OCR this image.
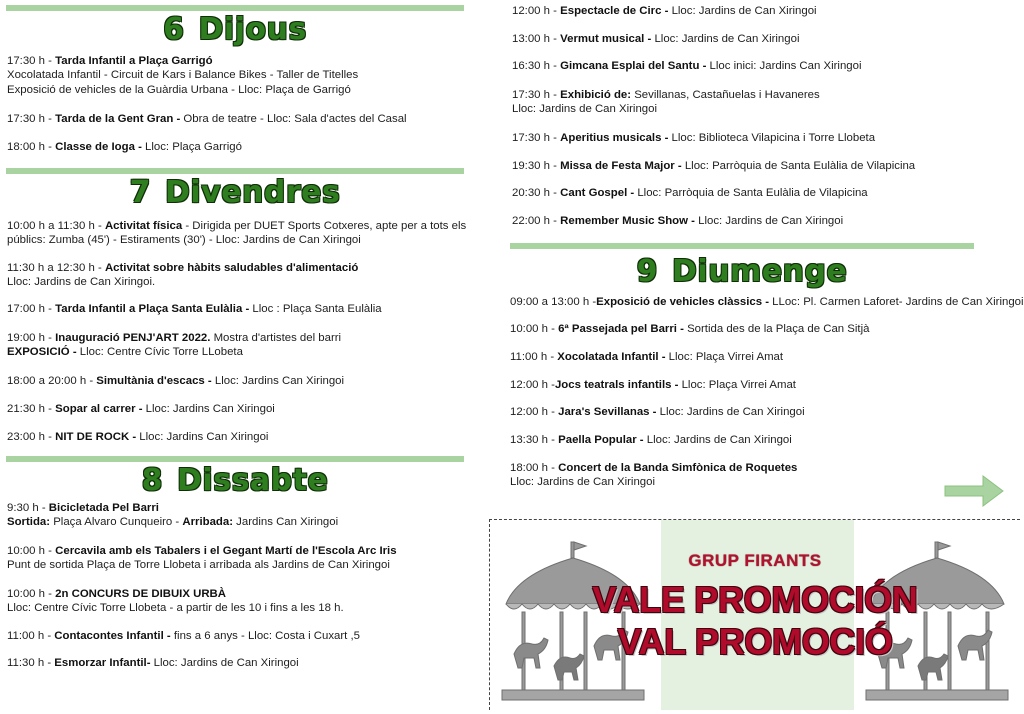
6 Dijous
17:30 h - Tarda Infantil a Plaça Garrigó
Xocolatada Infantil - Circuit de Kars i Balance Bikes - Taller de Titelles
Exposició de vehicles de la Guàrdia Urbana - Lloc: Plaça de Garrigó
17:30 h - Tarda de la Gent Gran - Obra de teatre - Lloc: Sala d'actes del Casal
18:00 h - Classe de Ioga - Lloc: Plaça Garrigó
7 Divendres
10:00 h a 11:30 h - Activitat física - Dirigida per DUET Sports Cotxeres, apte per a tots els
públics: Zumba (45') - Estiraments (30') - Lloc: Jardins de Can Xiringoi
11:30 h a 12:30 h - Activitat sobre hàbits saludables d'alimentació
Lloc: Jardins de Can Xiringoi.
17:00 h - Tarda Infantil a Plaça Santa Eulàlia - Lloc : Plaça Santa Eulàlia
19:00 h - Inauguració PENJ'ART 2022. Mostra d'artistes del barri
EXPOSICIÓ - Lloc: Centre Cívic Torre LLobeta
18:00 a 20:00 h - Simultània d'escacs - Lloc: Jardins Can Xiringoi
21:30 h - Sopar al carrer - Lloc: Jardins Can Xiringoi
23:00 h - NIT DE ROCK - Lloc: Jardins Can Xiringoi
8 Dissabte
9:30 h - Bicicletada Pel Barri
Sortida: Plaça Alvaro Cunqueiro - Arribada: Jardins Can Xiringoi
10:00 h - Cercavila amb els Tabalers i el Gegant Martí de l'Escola Arc Iris
Punt de sortida Plaça de Torre Llobeta i arribada als Jardins de Can Xiringoi
10:00 h - 2n CONCURS DE DIBUIX URBÀ
Lloc: Centre Cívic Torre Llobeta - a partir de les 10 i fins a les 18 h.
11:00 h - Contacontes Infantil - fins a 6 anys - Lloc: Costa i Cuxart ,5
11:30 h - Esmorzar Infantil- Lloc: Jardins de Can Xiringoi
12:00 h - Espectacle de Circ - Lloc: Jardins de Can Xiringoi
13:00 h - Vermut musical - Lloc: Jardins de Can Xiringoi
16:30 h - Gimcana Esplai del Santu - Lloc inici: Jardins Can Xiringoi
17:30 h - Exhibició de: Sevillanas, Castañuelas i Havaneres
Lloc: Jardins de Can Xiringoi
17:30 h - Aperitius musicals - Lloc: Biblioteca Vilapicina i Torre Llobeta
19:30 h - Missa de Festa Major - Lloc: Parròquia de Santa Eulàlia de Vilapicina
20:30 h - Cant Gospel - Lloc: Parròquia de Santa Eulàlia de Vilapicina
22:00 h - Remember Music Show - Lloc: Jardins de Can Xiringoi
9 Diumenge
09:00 a 13:00 h -Exposició de vehicles clàssics - LLoc: Pl. Carmen Laforet- Jardins de Can Xiringoi
10:00 h - 6ª Passejada pel Barri - Sortida des de la Plaça de Can Sitjà
11:00 h - Xocolatada Infantil - Lloc: Plaça Virrei Amat
12:00 h -Jocs teatrals infantils - Lloc: Plaça Virrei Amat
12:00 h - Jara's Sevillanas - Lloc: Jardins de Can Xiringoi
13:30 h - Paella Popular - Lloc: Jardins de Can Xiringoi
18:00 h - Concert de la Banda Simfònica de Roquetes
Lloc: Jardins de Can Xiringoi
GRUP FIRANTS
VALE PROMOCIÓN
VAL PROMOCIÓ
